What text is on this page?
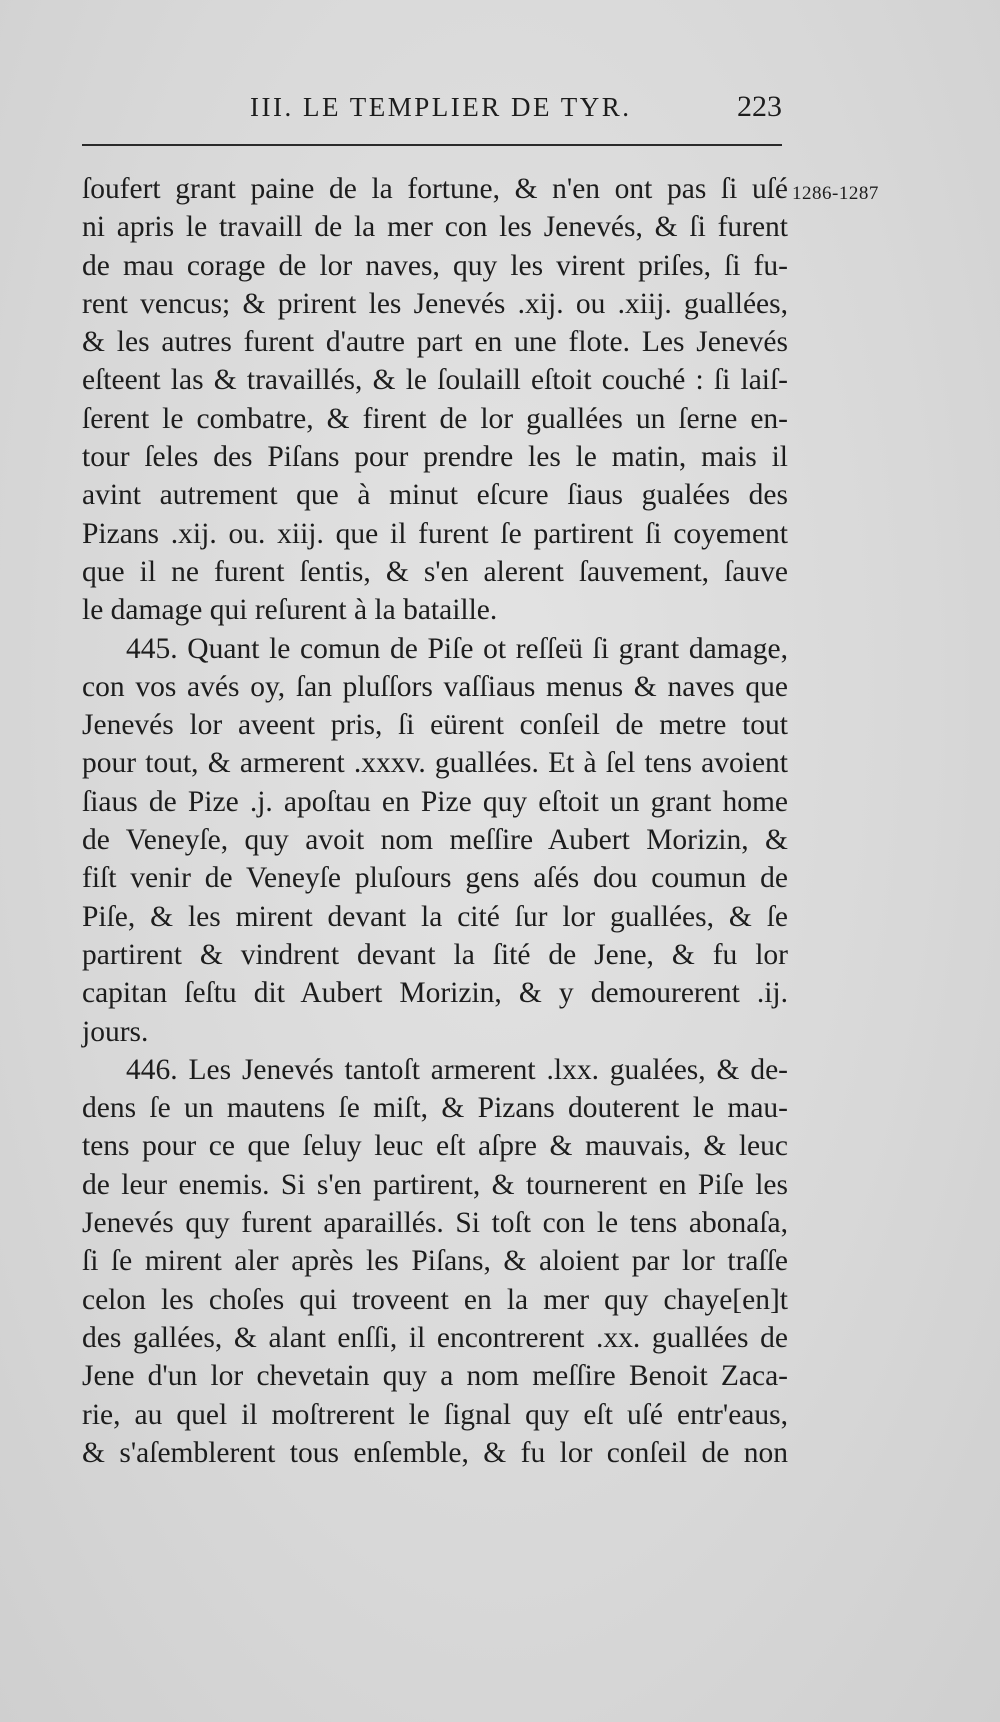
III. LE TEMPLIER DE TYR.	223
1286-1287
ſoufert grant paine de la fortune, & n'en ont pas ſi uſé
ni apris le travaill de la mer con les Jenevés, & ſi furent
de mau corage de lor naves, quy les virent priſes, ſi fu-
rent vencus; & prirent les Jenevés .xij. ou .xiij. guallées,
& les autres furent d'autre part en une flote. Les Jenevés
eſteent las & travaillés, & le ſoulaill eſtoit couché : ſi laiſ-
ſerent le combatre, & firent de lor guallées un ſerne en-
tour ſeles des Piſans pour prendre les le matin, mais il
avint autrement que à minut eſcure ſiaus gualées des
Pizans .xij. ou. xiij. que il furent ſe partirent ſi coyement
que il ne furent ſentis, & s'en alerent ſauvement, ſauve
le damage qui reſurent à la bataille.
445. Quant le comun de Piſe ot reſſeü ſi grant damage,
con vos avés oy, ſan pluſſors vaſſiaus menus & naves que
Jenevés lor aveent pris, ſi eürent conſeil de metre tout
pour tout, & armerent .xxxv. guallées. Et à ſel tens avoient
ſiaus de Pize .j. apoſtau en Pize quy eſtoit un grant home
de Veneyſe, quy avoit nom meſſire Aubert Morizin, &
fiſt venir de Veneyſe pluſours gens aſés dou coumun de
Piſe, & les mirent devant la cité ſur lor guallées, & ſe
partirent & vindrent devant la ſité de Jene, & fu lor
capitan ſeſtu dit Aubert Morizin, & y demourerent .ij.
jours.
446. Les Jenevés tantoſt armerent .lxx. gualées, & de-
dens ſe un mautens ſe miſt, & Pizans douterent le mau-
tens pour ce que ſeluy leuc eſt aſpre & mauvais, & leuc
de leur enemis. Si s'en partirent, & tournerent en Piſe les
Jenevés quy furent aparaillés. Si toſt con le tens abonaſa,
ſi ſe mirent aler après les Piſans, & aloient par lor traſſe
celon les choſes qui troveent en la mer quy chaye[en]t
des gallées, & alant enſſi, il encontrerent .xx. guallées de
Jene d'un lor chevetain quy a nom meſſire Benoit Zaca-
rie, au quel il moſtrerent le ſignal quy eſt uſé entr'eaus,
& s'aſemblerent tous enſemble, & fu lor conſeil de non
